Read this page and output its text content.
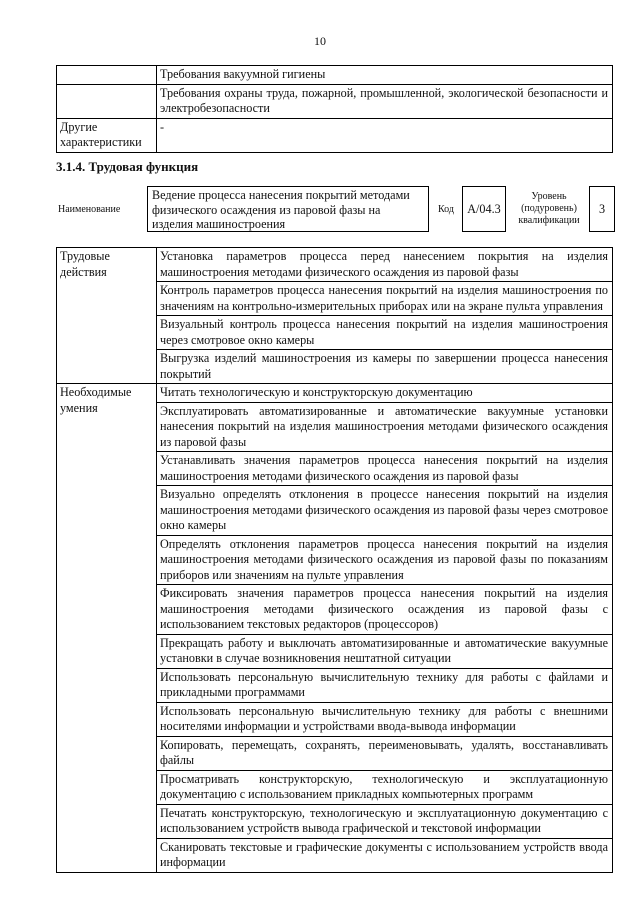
10
	Требования вакуумной гигиены
	Требования охраны труда, пожарной, промышленной, экологической безопасности и электробезопасности
Другие характеристики	-
3.1.4. Трудовая функция
Наименование
Ведение процесса нанесения покрытий методами физического осаждения из паровой фазы на изделия машиностроения
Код	А/04.3
Уровень (подуровень) квалификации
3
Трудовые действия	Установка параметров процесса перед нанесением покрытия на изделия машиностроения методами физического осаждения из паровой фазы
	Контроль параметров процесса нанесения покрытий на изделия машиностроения по значениям на контрольно-измерительных приборах или на экране пульта управления
	Визуальный контроль процесса нанесения покрытий на изделия машиностроения через смотровое окно камеры
	Выгрузка изделий машиностроения из камеры по завершении процесса нанесения покрытий
Необходимые умения	Читать технологическую и конструкторскую документацию
	Эксплуатировать автоматизированные и автоматические вакуумные установки нанесения покрытий на изделия машиностроения методами физического осаждения из паровой фазы
	Устанавливать значения параметров процесса нанесения покрытий на изделия машиностроения методами физического осаждения из паровой фазы
	Визуально определять отклонения в процессе нанесения покрытий на изделия машиностроения методами физического осаждения из паровой фазы через смотровое окно камеры
	Определять отклонения параметров процесса нанесения покрытий на изделия машиностроения методами физического осаждения из паровой фазы по показаниям приборов или значениям на пульте управления
	Фиксировать значения параметров процесса нанесения покрытий на изделия машиностроения методами физического осаждения из паровой фазы с использованием текстовых редакторов (процессоров)
	Прекращать работу и выключать автоматизированные и автоматические вакуумные установки в случае возникновения нештатной ситуации
	Использовать персональную вычислительную технику для работы с файлами и прикладными программами
	Использовать персональную вычислительную технику для работы с внешними носителями информации и устройствами ввода-вывода информации
	Копировать, перемещать, сохранять, переименовывать, удалять, восстанавливать файлы
	Просматривать конструкторскую, технологическую и эксплуатационную документацию с использованием прикладных компьютерных программ
	Печатать конструкторскую, технологическую и эксплуатационную документацию с использованием устройств вывода графической и текстовой информации
	Сканировать текстовые и графические документы с использованием устройств ввода информации
